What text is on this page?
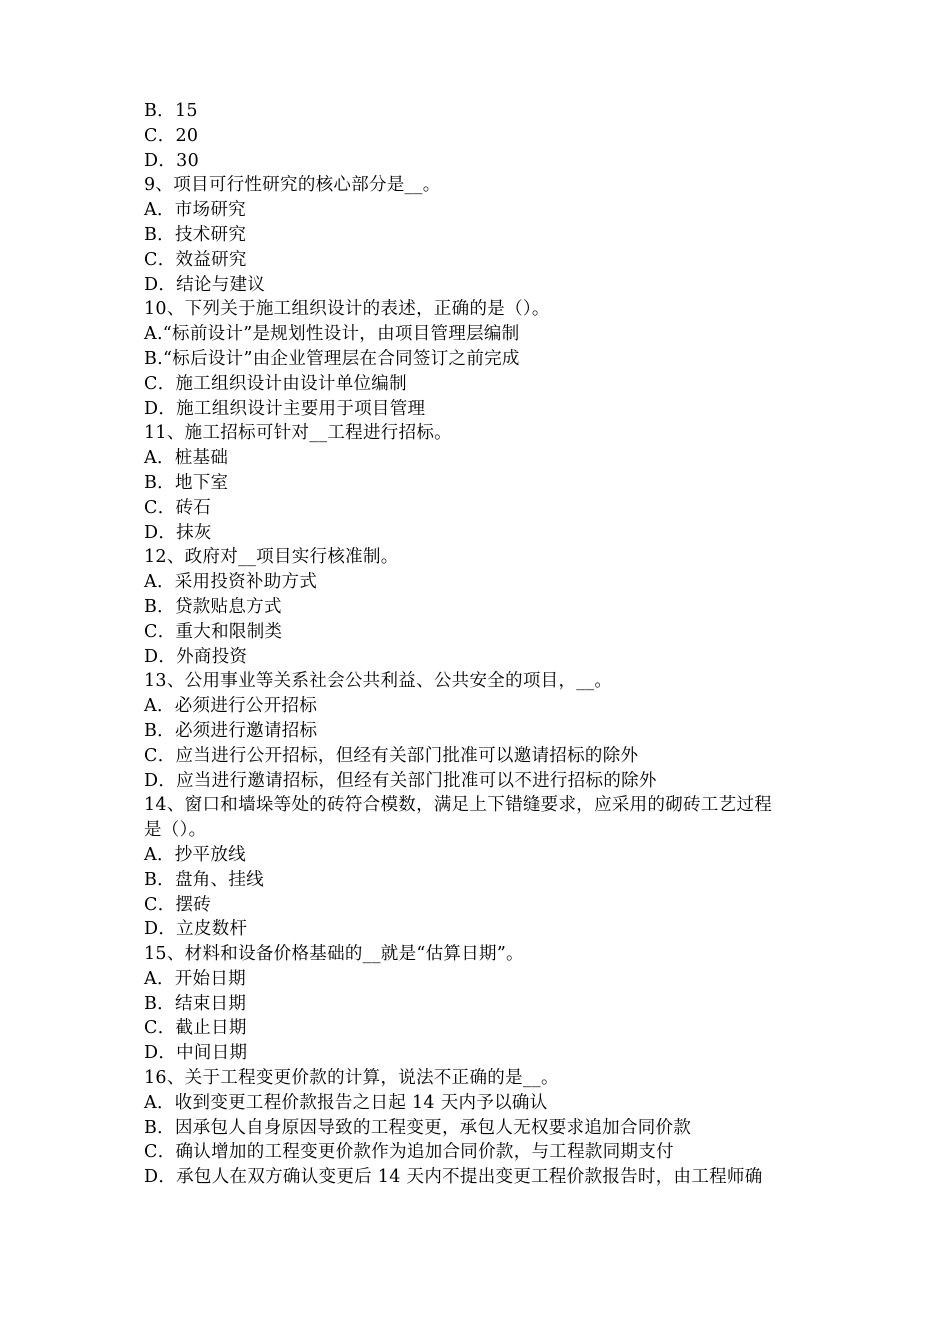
B．15
C．20
D．30
9、项目可行性研究的核心部分是__。
A．市场研究
B．技术研究
C．效益研究
D．结论与建议
10、下列关于施工组织设计的表述，正确的是（）。
A.“标前设计”是规划性设计，由项目管理层编制
B.“标后设计”由企业管理层在合同签订之前完成
C．施工组织设计由设计单位编制
D．施工组织设计主要用于项目管理
11、施工招标可针对__工程进行招标。
A．桩基础
B．地下室
C．砖石
D．抹灰
12、政府对__项目实行核准制。
A．采用投资补助方式
B．贷款贴息方式
C．重大和限制类
D．外商投资
13、公用事业等关系社会公共利益、公共安全的项目，__。
A．必须进行公开招标
B．必须进行邀请招标
C．应当进行公开招标，但经有关部门批准可以邀请招标的除外
D．应当进行邀请招标，但经有关部门批准可以不进行招标的除外
14、窗口和墙垛等处的砖符合模数，满足上下错缝要求，应采用的砌砖工艺过程
是（）。
A．抄平放线
B．盘角、挂线
C．摆砖
D．立皮数杆
15、材料和设备价格基础的__就是“估算日期”。
A．开始日期
B．结束日期
C．截止日期
D．中间日期
16、关于工程变更价款的计算，说法不正确的是__。
A．收到变更工程价款报告之日起 14 天内予以确认
B．因承包人自身原因导致的工程变更，承包人无权要求追加合同价款
C．确认增加的工程变更价款作为追加合同价款，与工程款同期支付
D．承包人在双方确认变更后 14 天内不提出变更工程价款报告时，由工程师确
